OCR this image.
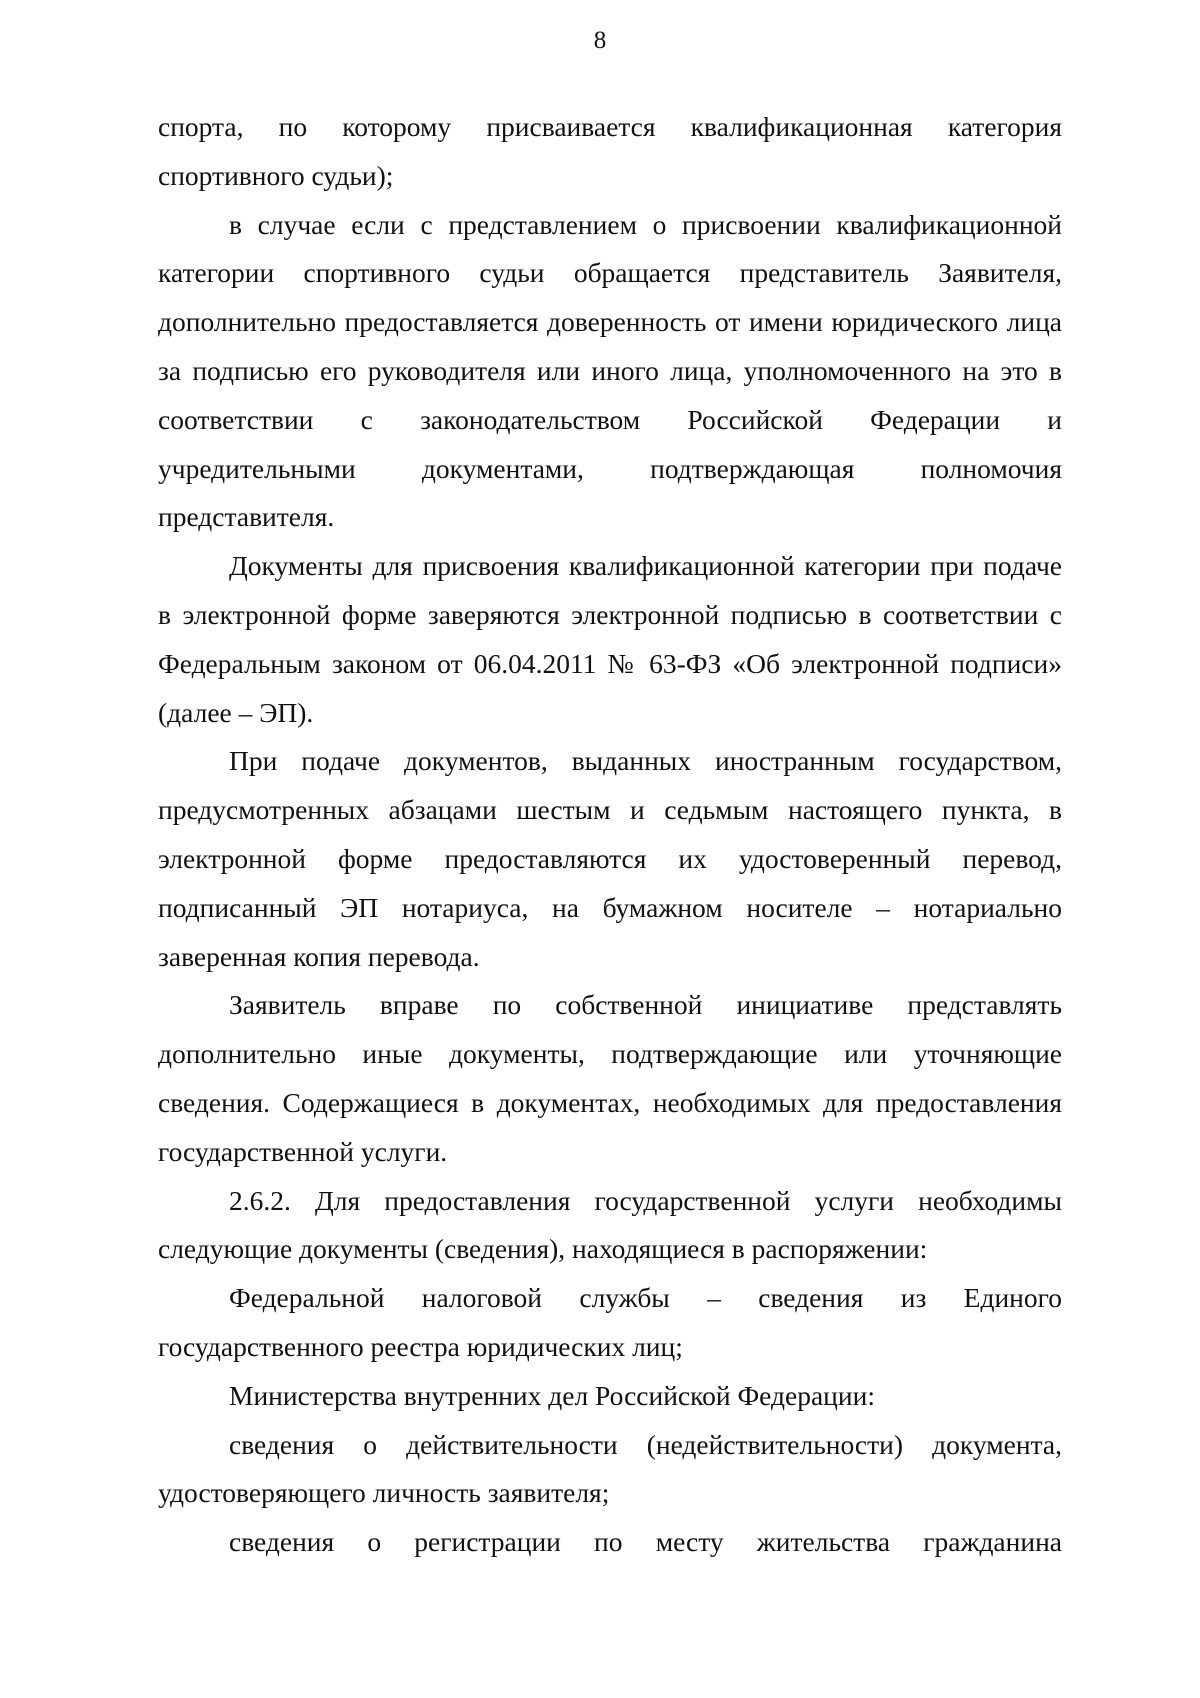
8

спорта, по которому присваивается квалификационная категория спортивного судьи);

в случае если с представлением о присвоении квалификационной категории спортивного судьи обращается представитель Заявителя, дополнительно предоставляется доверенность от имени юридического лица за подписью его руководителя или иного лица, уполномоченного на это в соответствии с законодательством Российской Федерации и учредительными документами, подтверждающая полномочия представителя.

Документы для присвоения квалификационной категории при подаче в электронной форме заверяются электронной подписью в соответствии с Федеральным законом от 06.04.2011 № 63-ФЗ «Об электронной подписи» (далее – ЭП).

При подаче документов, выданных иностранным государством, предусмотренных абзацами шестым и седьмым настоящего пункта, в электронной форме предоставляются их удостоверенный перевод, подписанный ЭП нотариуса, на бумажном носителе – нотариально заверенная копия перевода.

Заявитель вправе по собственной инициативе представлять дополнительно иные документы, подтверждающие или уточняющие сведения. Содержащиеся в документах, необходимых для предоставления государственной услуги.

2.6.2. Для предоставления государственной услуги необходимы следующие документы (сведения), находящиеся в распоряжении:

Федеральной налоговой службы – сведения из Единого государственного реестра юридических лиц;

Министерства внутренних дел Российской Федерации:

сведения о действительности (недействительности) документа, удостоверяющего личность заявителя;

сведения о регистрации по месту жительства гражданина
